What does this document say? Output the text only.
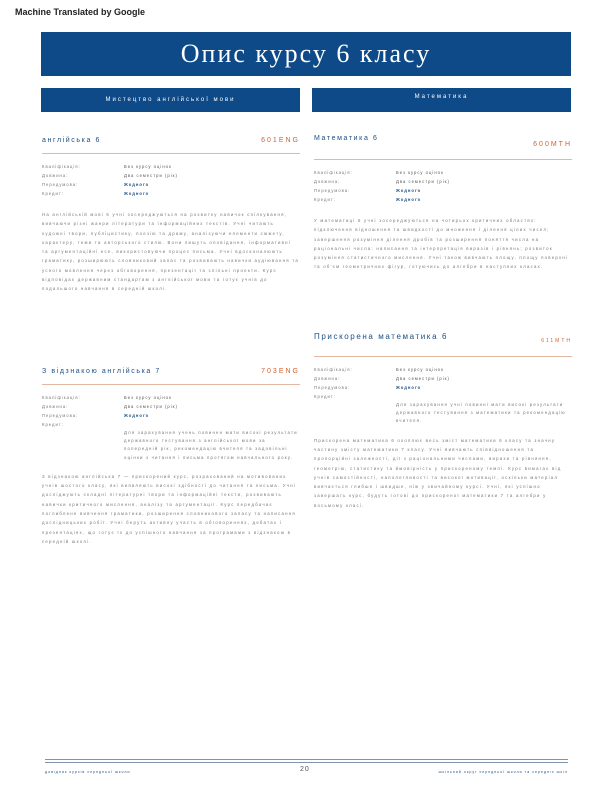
Machine Translated by Google
Опис курсу 6 класу
Мистецтво англійської мови	Математика
англійська 6	601ENG
Кваліфікація:	Без курсу оцінок
Довжина:	Два семестри (рік)
Передумова:	Жодного
Кредит:	Жодного
На англійській мові 6 учні зосереджуються на розвитку навичок спілкування, вивчаючи різні жанри літератури та інформаційних текстів. Учні читають художні твори, публіцистику, поезію та драму, аналізуючи елементи сюжету, характеру, теми та авторського стилю. Вони пишуть оповідання, інформативні та аргументаційні есе, використовуючи процес письма. Учні вдосконалюють граматику, розширюють словниковий запас та розвивають навички аудіювання та усного мовлення через обговорення, презентації та спільні проекти. Курс відповідає державним стандартам з англійської мови та готує учнів до подальшого навчання в середній школі.
З відзнакою англійська 7	703ENG
Кваліфікація:	Без курсу оцінок
Довжина:	Два семестри (рік)
Передумова:	Жодного
Кредит:
Для зарахування учень повинен мати високі результати державного тестування з англійської мови за попередній рік, рекомендацію вчителя та задовільні оцінки з читання і письма протягом навчального року.
З відзнакою англійська 7 — прискорений курс, розрахований на мотивованих учнів шостого класу, які виявляють високі здібності до читання та письма. Учні досліджують складні літературні твори та інформаційні тексти, розвивають навички критичного мислення, аналізу та аргументації. Курс передбачає поглиблене вивчення граматики, розширення словникового запасу та написання дослідницьких робіт. Учні беруть активну участь в обговореннях, дебатах і презентаціях, що готує їх до успішного навчання за програмами з відзнакою в середній школі.
Математика 6
600MTH
Кваліфікація:	Без курсу оцінок
Довжина:	Два семестри (рік)
Передумова:	Жодного
Кредит:	Жодного
У математиці 6 учні зосереджуються на чотирьох критичних областях: підключення відношення та швидкості до множення і ділення цілих чисел; завершення розуміння ділення дробів та розширення поняття числа на раціональні числа; написання та інтерпретація виразів і рівнянь; розвиток розуміння статистичного мислення. Учні також вивчають площу, площу поверхні та об'єм геометричних фігур, готуючись до алгебри в наступних класах.
Прискорена математика 6	611MTH
Кваліфікація:	Без курсу оцінок
Довжина:	Два семестри (рік)
Передумова:	Жодного
Кредит:
Для зарахування учні повинні мати високі результати державного тестування з математики та рекомендацію вчителя.
Прискорена математика 6 охоплює весь зміст математики 6 класу та значну частину змісту математики 7 класу. Учні вивчають співвідношення та пропорційні залежності, дії з раціональними числами, вирази та рівняння, геометрію, статистику та ймовірність у прискореному темпі. Курс вимагає від учнів самостійності, наполегливості та високої мотивації, оскільки матеріал вивчається глибше і швидше, ніж у звичайному курсі. Учні, які успішно завершать курс, будуть готові до прискореної математики 7 та алгебри у восьмому класі.
довідник курсів середньої школи	20	шкільний округ середньої школи та середніх шкіл
